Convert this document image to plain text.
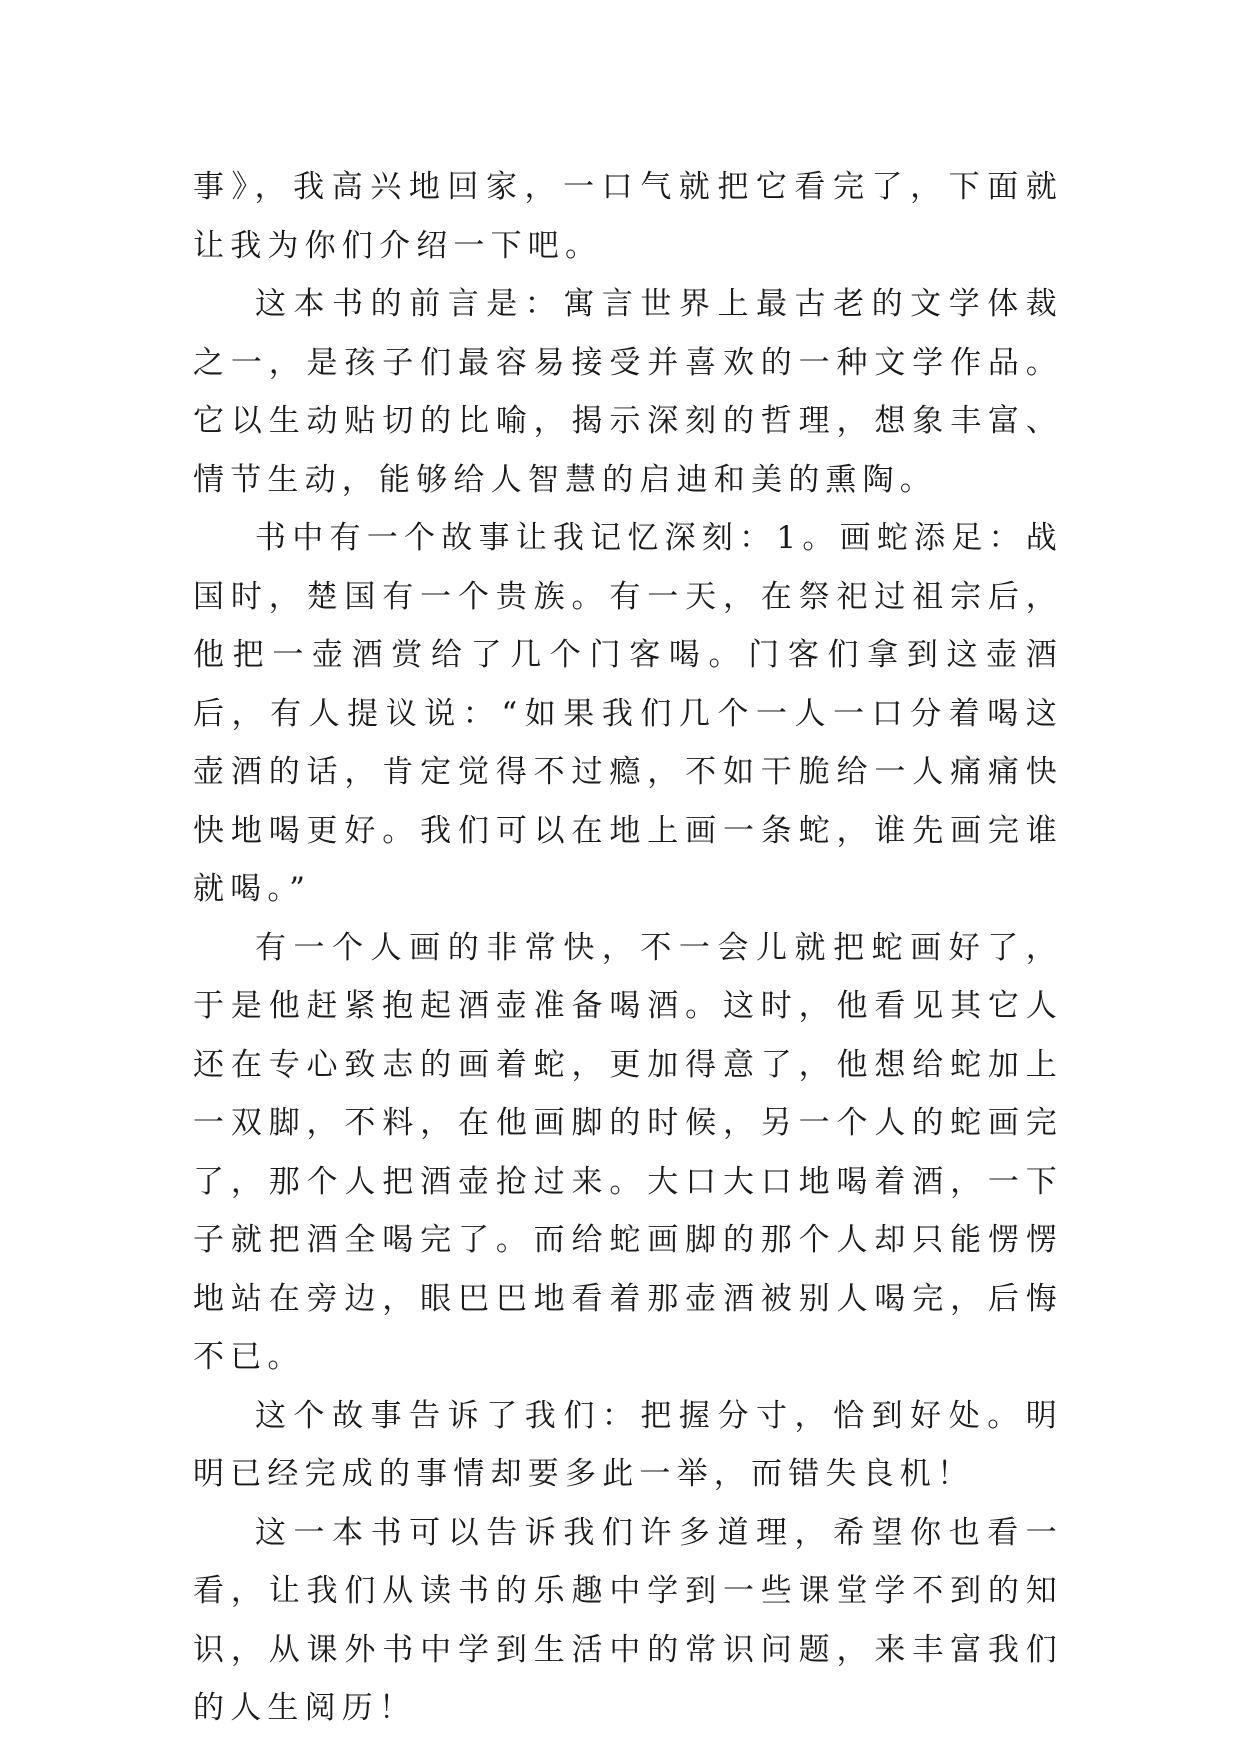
事》，我高兴地回家，一口气就把它看完了，下面就让我为你们介绍一下吧。

这本书的前言是：寓言世界上最古老的文学体裁之一，是孩子们最容易接受并喜欢的一种文学作品。它以生动贴切的比喻，揭示深刻的哲理，想象丰富、情节生动，能够给人智慧的启迪和美的熏陶。

书中有一个故事让我记忆深刻：1。画蛇添足：战国时，楚国有一个贵族。有一天，在祭祀过祖宗后，他把一壶酒赏给了几个门客喝。门客们拿到这壶酒后，有人提议说：“如果我们几个一人一口分着喝这壶酒的话，肯定觉得不过瘾，不如干脆给一人痛痛快快地喝更好。我们可以在地上画一条蛇，谁先画完谁就喝。”

有一个人画的非常快，不一会儿就把蛇画好了，于是他赶紧抱起酒壶准备喝酒。这时，他看见其它人还在专心致志的画着蛇，更加得意了，他想给蛇加上一双脚，不料，在他画脚的时候，另一个人的蛇画完了，那个人把酒壶抢过来。大口大口地喝着酒，一下子就把酒全喝完了。而给蛇画脚的那个人却只能愣愣地站在旁边，眼巴巴地看着那壶酒被别人喝完，后悔不已。

这个故事告诉了我们：把握分寸，恰到好处。明明已经完成的事情却要多此一举，而错失良机！

这一本书可以告诉我们许多道理，希望你也看一看，让我们从读书的乐趣中学到一些课堂学不到的知识，从课外书中学到生活中的常识问题，来丰富我们的人生阅历！
